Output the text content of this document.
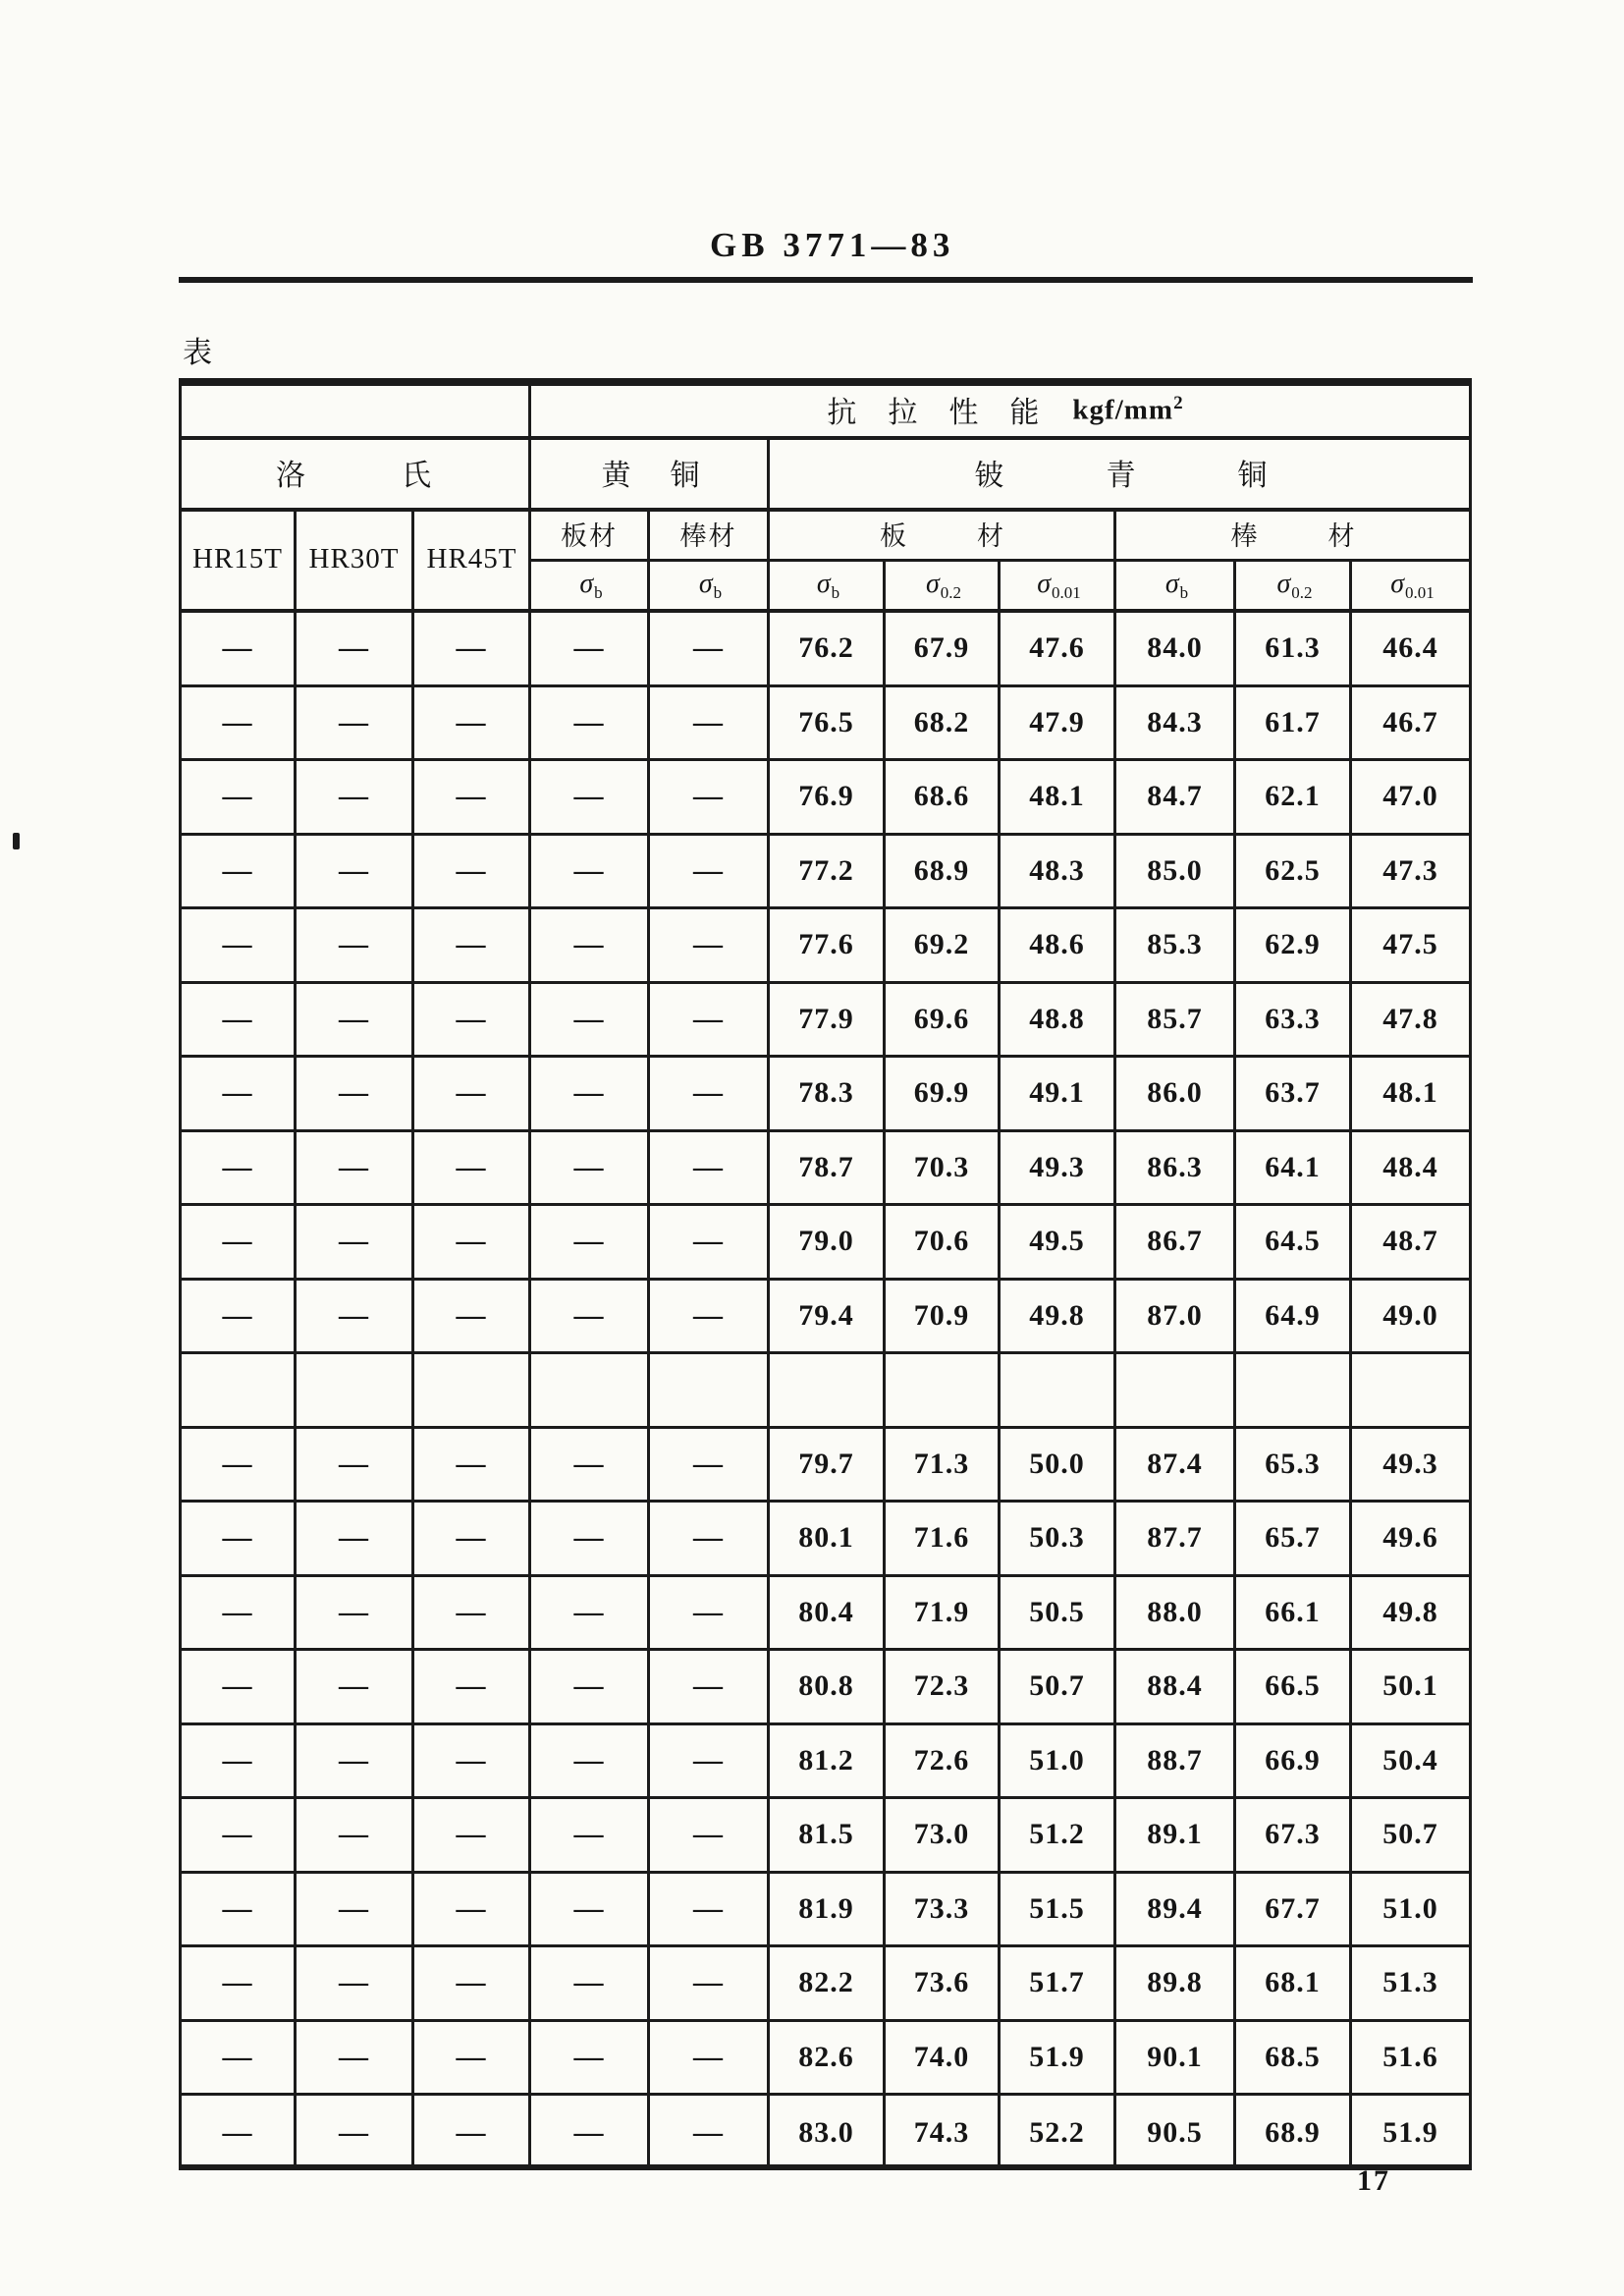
GB 3771—83
表
抗 拉 性 能 kgf/$mm^2$
洛	氏	黄 铜	铍	青	铜
HR15T HR30T HR45T
板材	棒材	板	材	棒	材
σ b	σ b	σ b	σ 0.2	σ 0.01	σ b	σ 0.2	σ 0.01
—	—	—	—	—	76.2	67.9	47.6	84.0	61.3	46.4
—	—	—	—	—	76.5	68.2	47.9	84.3	61.7	46.7
—	—	—	—	—	76.9	68.6	48.1	84.7	62.1	47.0
—	—	—	—	—	77.2	68.9	48.3	85.0	62.5	47.3
—	—	—	—	—	77.6	69.2	48.6	85.3	62.9	47.5
—	—	—	—	—	77.9	69.6	48.8	85.7	63.3	47.8
—	—	—	—	—	78.3	69.9	49.1	86.0	63.7	48.1
—	—	—	—	—	78.7	70.3	49.3	86.3	64.1	48.4
—	—	—	—	—	79.0	70.6	49.5	86.7	64.5	48.7
—	—	—	—	—	79.4	70.9	49.8	87.0	64.9	49.0
—	—	—	—	—	79.7	71.3	50.0	87.4	65.3	49.3
—	—	—	—	—	80.1	71.6	50.3	87.7	65.7	49.6
—	—	—	—	—	80.4	71.9	50.5	88.0	66.1	49.8
—	—	—	—	—	80.8	72.3	50.7	88.4	66.5	50.1
—	—	—	—	—	81.2	72.6	51.0	88.7	66.9	50.4
—	—	—	—	—	81.5	73.0	51.2	89.1	67.3	50.7
—	—	—	—	—	81.9	73.3	51.5	89.4	67.7	51.0
—	—	—	—	—	82.2	73.6	51.7	89.8	68.1	51.3
—	—	—	—	—	82.6	74.0	51.9	90.1	68.5	51.6
—	—	—	—	—	83.0	74.3	52.2	90.5	68.9	51.9
17
